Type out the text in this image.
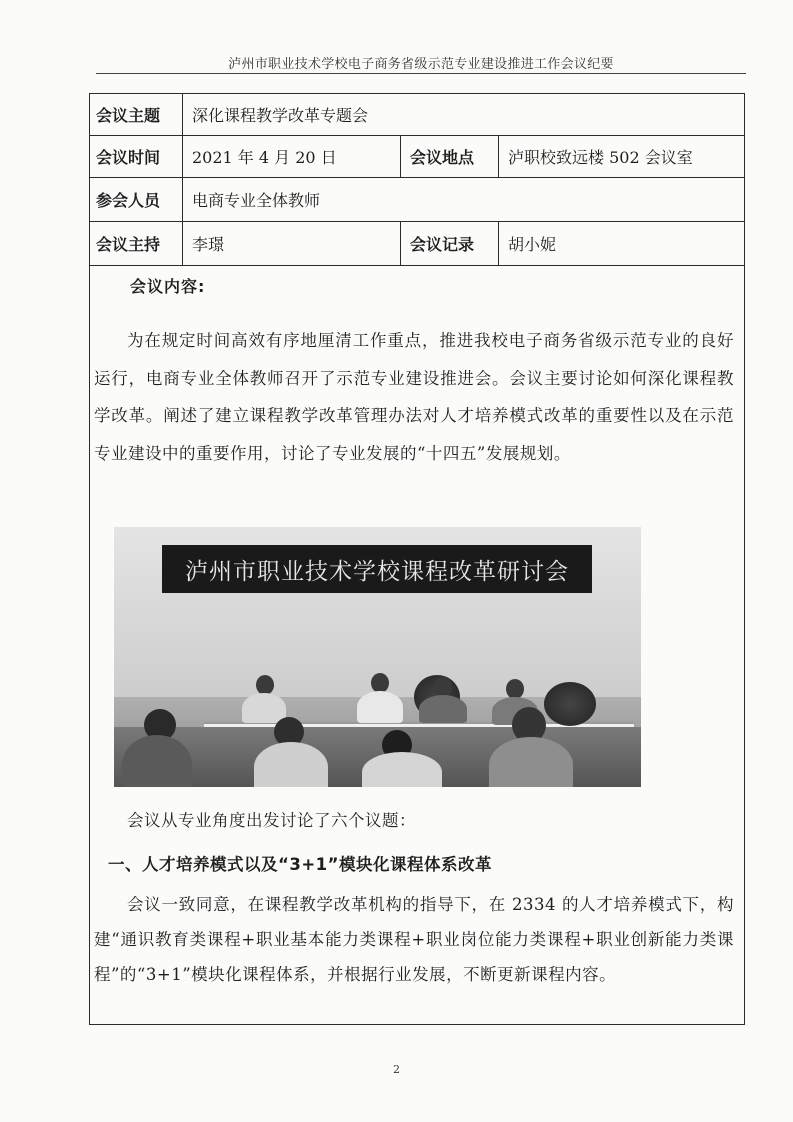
泸州市职业技术学校电子商务省级示范专业建设推进工作会议纪要
会议主题	深化课程教学改革专题会
会议时间	2021 年 4 月 20 日	会议地点	泸职校致远楼 502 会议室
参会人员	电商专业全体教师
会议主持	李璟	会议记录	胡小妮
会议内容:
为在规定时间高效有序地厘清工作重点，推进我校电子商务省级示范专业的良好运行，电商专业全体教师召开了示范专业建设推进会。会议主要讨论如何深化课程教学改革。阐述了建立课程教学改革管理办法对人才培养模式改革的重要性以及在示范专业建设中的重要作用，讨论了专业发展的“十四五”发展规划。
泸州市职业技术学校课程改革研讨会
会议从专业角度出发讨论了六个议题：
一、人才培养模式以及“3+1”模块化课程体系改革
会议一致同意，在课程教学改革机构的指导下，在 2334 的人才培养模式下，构建“通识教育类课程+职业基本能力类课程+职业岗位能力类课程+职业创新能力类课程”的“3+1”模块化课程体系，并根据行业发展，不断更新课程内容。
2
